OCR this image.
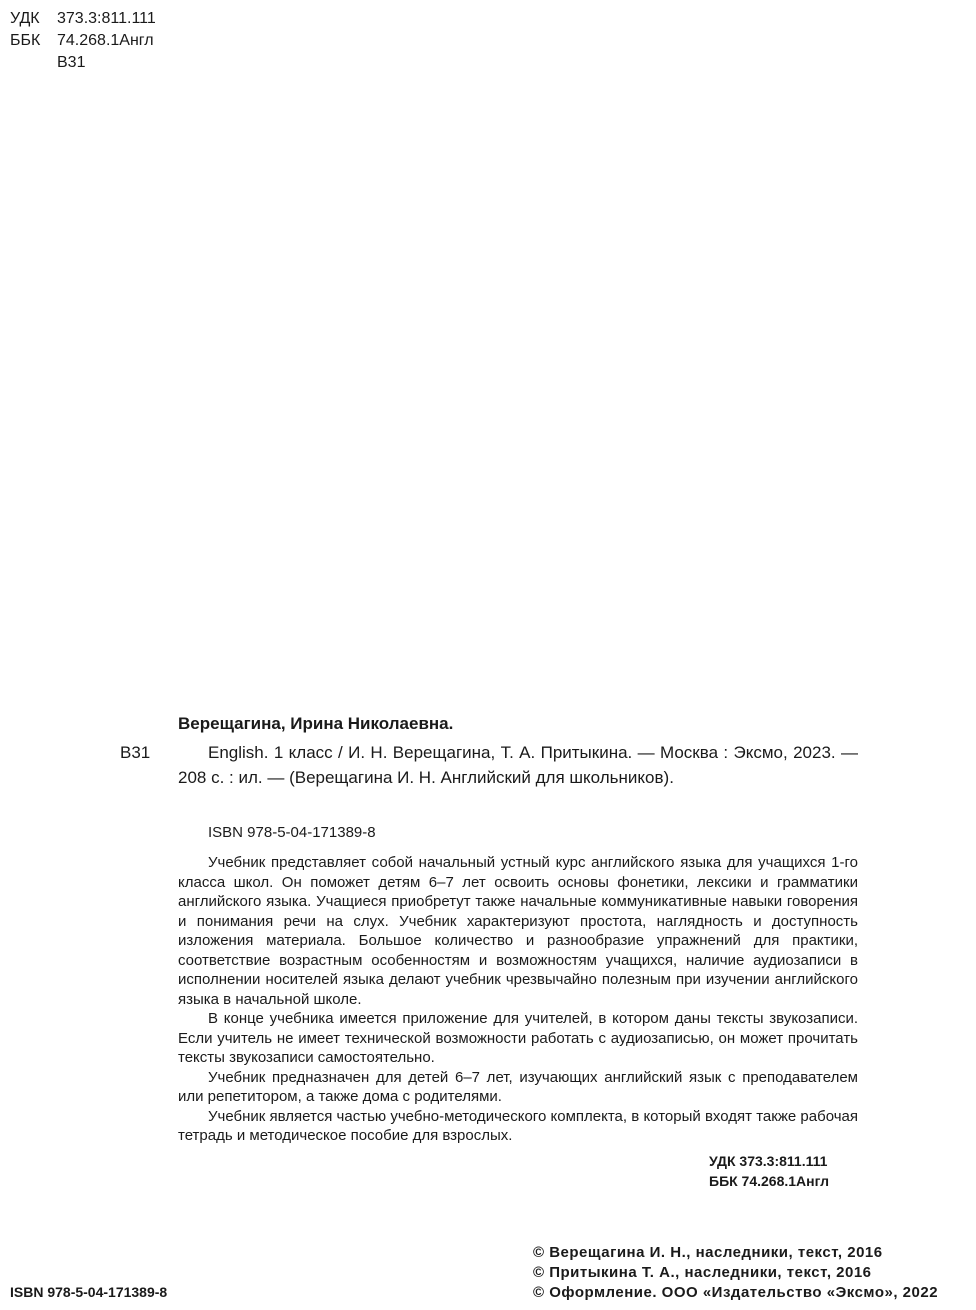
УДК	373.3:811.111
ББК	74.268.1Англ
В31
Верещагина, Ирина Николаевна.
В31	English. 1 класс / И. Н. Верещагина, Т. А. Притыкина. — Москва : Эксмо, 2023. — 208 с. : ил. — (Верещагина И. Н. Английский для школьников).
ISBN 978-5-04-171389-8

Учебник представляет собой начальный устный курс английского языка для учащихся 1-го класса школ. Он поможет детям 6–7 лет освоить основы фонетики, лексики и грамматики английского языка. Учащиеся приобретут также начальные коммуникативные навыки говорения и понимания речи на слух. Учебник характеризуют простота, наглядность и доступность изложения материала. Большое количество и разнообразие упражнений для практики, соответствие возрастным особенностям и возможностям учащихся, наличие аудиозаписи в исполнении носителей языка делают учебник чрезвычайно полезным при изучении английского языка в начальной школе.

В конце учебника имеется приложение для учителей, в котором даны тексты звукозаписи. Если учитель не имеет технической возможности работать с аудиозаписью, он может прочитать тексты звукозаписи самостоятельно.

Учебник предназначен для детей 6–7 лет, изучающих английский язык с преподавателем или репетитором, а также дома с родителями.

Учебник является частью учебно-методического комплекта, в который входят также рабочая тетрадь и методическое пособие для взрослых.

УДК 373.3:811.111
ББК 74.268.1Англ
© Верещагина И. Н., наследники, текст, 2016
© Притыкина Т. А., наследники, текст, 2016
© Оформление. ООО «Издательство «Эксмо», 2022
ISBN 978-5-04-171389-8
